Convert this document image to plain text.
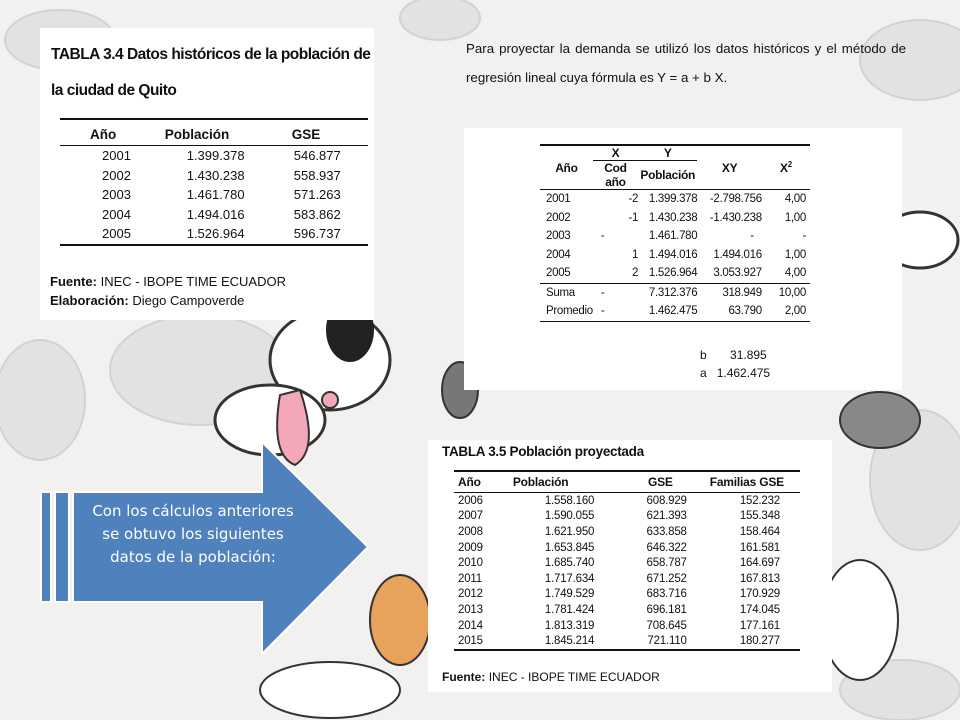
TABLA 3.4 Datos históricos de la población de la ciudad de Quito
Año	Población	GSE
2001	1.399.378	546.877
2002	1.430.238	558.937
2003	1.461.780	571.263
2004	1.494.016	583.862
2005	1.526.964	596.737
Fuente: INEC - IBOPE TIME ECUADOR
Elaboración: Diego Campoverde
Para proyectar la demanda se utilizó los datos históricos y el método de regresión lineal cuya fórmula es Y = a + b X.
Año	X	Y	XY	$X^2$
	Cod año	Población		
2001	-2	1.399.378	-2.798.756	4,00
2002	-1	1.430.238	-1.430.238	1,00
2003	-	1.461.780	-	-
2004	1	1.494.016	1.494.016	1,00
2005	2	1.526.964	3.053.927	4,00
Suma	-	7.312.376	318.949	10,00
Promedio	-	1.462.475	63.790	2,00
b 31.895
a 1.462.475
TABLA 3.5 Población proyectada
Año	Población	GSE	Familias GSE
2006	1.558.160	608.929	152.232
2007	1.590.055	621.393	155.348
2008	1.621.950	633.858	158.464
2009	1.653.845	646.322	161.581
2010	1.685.740	658.787	164.697
2011	1.717.634	671.252	167.813
2012	1.749.529	683.716	170.929
2013	1.781.424	696.181	174.045
2014	1.813.319	708.645	177.161
2015	1.845.214	721.110	180.277
Fuente: INEC - IBOPE TIME ECUADOR
Con los cálculos anteriores se obtuvo los siguientes datos de la población:
